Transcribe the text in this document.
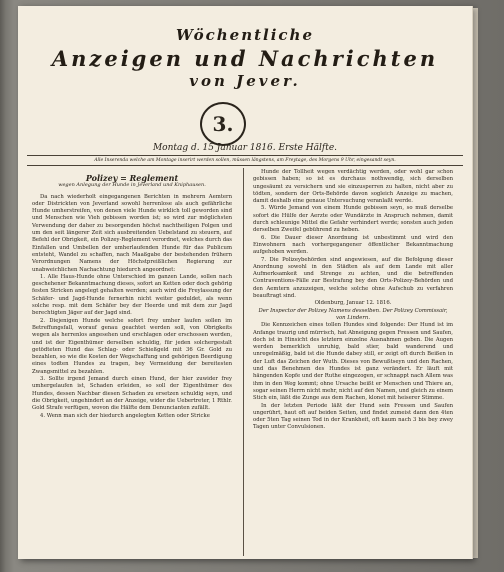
Wöchentliche
Anzeigen und Nachrichten
von Jever.
3.
Montag d. 15 Januar 1816. Erste Hälfte.
Alle Inserenda welche am Montage inserirt werden sollen, müssen längstens, am Freytage, des Morgens 9 Uhr, eingesandt seyn.
Polizey = Reglement
wegen Anlegung der Hunde in Jeverland und Kniphausen.

Da nach wiederholt eingegangenen Berichten in mehrern Aemtern oder Districkten von Jeverland sowohl herrenlose als auch gefährliche Hunde umherstreifen, von denen viele Hunde wirklich toll geworden sind und Menschen wie Vieh gebissen worden ist; so wird zur möglichsten Verwendung der daher zu besorgenden höchst nachtheiligen Folgen und um den seit längerer Zeit sich ausbreitenden Uebelstand zu steuern, auf Befehl der Obrigkeit, ein Polizey-Reglement verordnet, welches durch das Einfallen und Umbellen der umherlaufenden Hunde für das Publicum entsteht, Wandel zu schaffen, nach Maaßgabe der bestehenden frühern Verordnungen Namens der Höchstpreißlichen Regierung zur unabweichlichen Nachachtung hiedurch angeordnet:

1. Alle Haus-Hunde ohne Unterschied im ganzen Lande, sollen nach geschehener Bekanntmachung dieses, sofort an Ketten oder doch gehörig festen Stricken angelegt gehalten werden; auch wird die Freylassung der Schäfer- und Jagd-Hunde fernerhin nicht weiter geduldet, als wenn solche resp. mit dem Schäfer bey der Heerde und mit dem zur Jagd berechtigten Jäger auf der Jagd sind.

2. Diejenigen Hunde welche sofort frey umher laufen sollen im Betreffungsfall, worauf genau geachtet werden soll, von Obrigkeits wegen als herrenlos angesehen und erschlagen oder erschossen werden, und ist der Eigenthümer derselben schuldig, für jeden solchergestalt getödteten Hund das Schlag- oder Schießgeld mit 36 Gr. Gold zu bezahlen, so wie die Kosten der Wegschaffung und gehörigen Beerdigung eines todten Hundes zu tragen, bey Vermeidung der bereitesten Zwangsmittel zu bezahlen.

3. Sollte irgend Jemand durch einen Hund, der hier zuwider frey umhergelaufen ist, Schaden erleiden, so soll der Eigenthümer des Hundes, dessen Nachbar diesen Schaden zu ersetzen schuldig seyn, und die Obrigkeit, ungehindert an der Anzeige, wider die Uebertreter, 1 Rthlr. Gold Strafe verfügen, wovon die Hälfte dem Denuncianten zufällt.

4. Wenn man sich der hiedurch angelegten Ketten oder Stricke

Hunde der Tollheit wegen verdächtig werden, oder wohl gar schon gebissen haben; so ist es durchaus nothwendig, sich derselben ungesäumt zu versichern und sie einzusperren zu halten, nicht aber zu tödten, sondern der Orts-Behörde davon sogleich Anzeige zu machen, damit deshalb eine genaue Untersuchung veranlaßt werde.

5. Würde Jemand von einem Hunde gebissen seyn, so muß derselbe sofort die Hülfe der Aerzte oder Wundärzte in Anspruch nehmen, damit durch schleunige Mittel die Gefahr verhindert werde; sonsten auch jeden derselben Zweifel gebührend zu heben.

6. Die Dauer dieser Anordnung ist unbestimmt und wird den Einwohnern nach vorhergegangener öffentlicher Bekanntmachung aufgehoben werden.

7. Die Polizeybehörden sind angewiesen, auf die Befolgung dieser Anordnung sowohl in den Städten als auf dem Lande mit aller Aufmerksamkeit und Strenge zu achten, und die betreffenden Contraventions-Fälle zur Bestrafung bey den Orts-Polizey-Behörden und den Aemtern anzuzeigen, welche solche ohne Aufschub zu verfahren beauftragt sind.

Oldenburg, Januar 12. 1816.

Der Inspector der Polizey Namens desselben. Der Polizey Commissair,

von Lindern.

Die Kennzeichen eines tollen Hundes sind folgende: Der Hund ist im Anfange traurig und mürrisch, hat Abneigung gegen Fressen und Saufen, doch ist in Hinsicht des letztern einzelne Ausnahmen geben. Die Augen werden bemerklich unruhig, bald stier, bald wanderend und unregelmäßig, bald ist die Hunde dabey still, er zeigt oft durch Beißen in der Luft das Zeichen der Wuth. Dieses von Bewußtseyn und den Rachen, und das Benehmen des Hundes ist ganz verändert. Er läuft mit hängenden Kopfe und der Ruthe eingezogen, er schnappt nach Allem was ihm in den Weg kommt; ohne Ursache beißt er Menschen und Thiere an, sogar seinen Herrn nicht mehr, nicht auf den Namen, und gleich zu einem Stich ein, läßt die Zunge aus dem Rachen, klonet mit heiserer Stimme.

In der letzten Periode läßt der Hund sein Fressen und Saufen ungerührt, haut oft auf beiden Seiten, und findet zumeist dann den 4ten oder 5ten Tag seinen Tod in der Krankheit, oft kaum nach 3 bis bey zwey Tagen unter Convulsionen.
